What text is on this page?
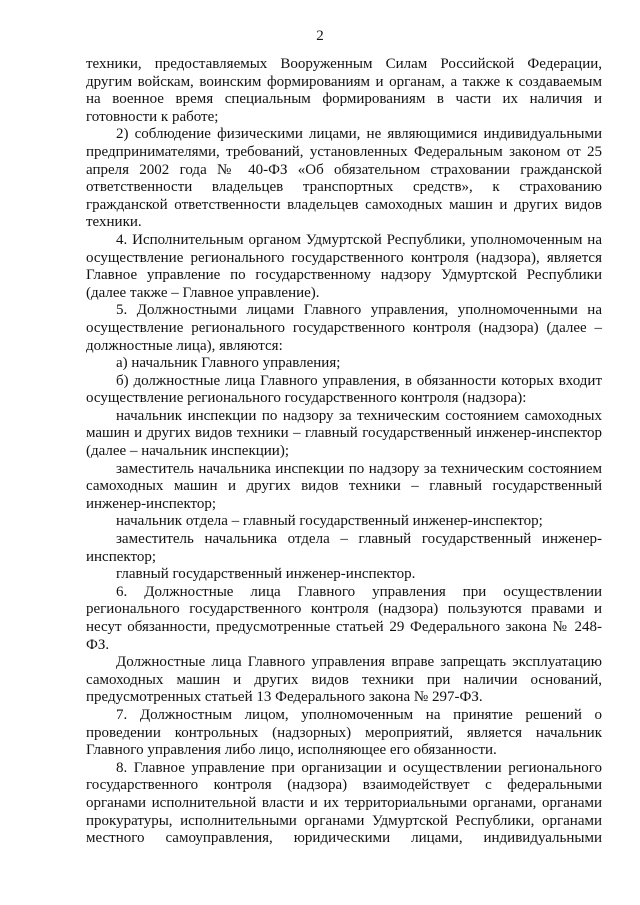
2

техники, предоставляемых Вооруженным Силам Российской Федерации, другим войскам, воинским формированиям и органам, а также к создаваемым на военное время специальным формированиям в части их наличия и готовности к работе;

2) соблюдение физическими лицами, не являющимися индивидуальными предпринимателями, требований, установленных Федеральным законом от 25 апреля 2002 года № 40-ФЗ «Об обязательном страховании гражданской ответственности владельцев транспортных средств», к страхованию гражданской ответственности владельцев самоходных машин и других видов техники.

4. Исполнительным органом Удмуртской Республики, уполномоченным на осуществление регионального государственного контроля (надзора), является Главное управление по государственному надзору Удмуртской Республики (далее также – Главное управление).

5. Должностными лицами Главного управления, уполномоченными на осуществление регионального государственного контроля (надзора) (далее – должностные лица), являются:

а) начальник Главного управления;

б) должностные лица Главного управления, в обязанности которых входит осуществление регионального государственного контроля (надзора):

начальник инспекции по надзору за техническим состоянием самоходных машин и других видов техники – главный государственный инженер-инспектор (далее – начальник инспекции);

заместитель начальника инспекции по надзору за техническим состоянием самоходных машин и других видов техники – главный государственный инженер-инспектор;

начальник отдела – главный государственный инженер-инспектор;

заместитель начальника отдела – главный государственный инженер-инспектор;

главный государственный инженер-инспектор.

6. Должностные лица Главного управления при осуществлении регионального государственного контроля (надзора) пользуются правами и несут обязанности, предусмотренные статьей 29 Федерального закона № 248-ФЗ.

Должностные лица Главного управления вправе запрещать эксплуатацию самоходных машин и других видов техники при наличии оснований, предусмотренных статьей 13 Федерального закона № 297-ФЗ.

7. Должностным лицом, уполномоченным на принятие решений о проведении контрольных (надзорных) мероприятий, является начальник Главного управления либо лицо, исполняющее его обязанности.

8. Главное управление при организации и осуществлении регионального государственного контроля (надзора) взаимодействует с федеральными органами исполнительной власти и их территориальными органами, органами прокуратуры, исполнительными органами Удмуртской Республики, органами местного самоуправления, юридическими лицами, индивидуальными
